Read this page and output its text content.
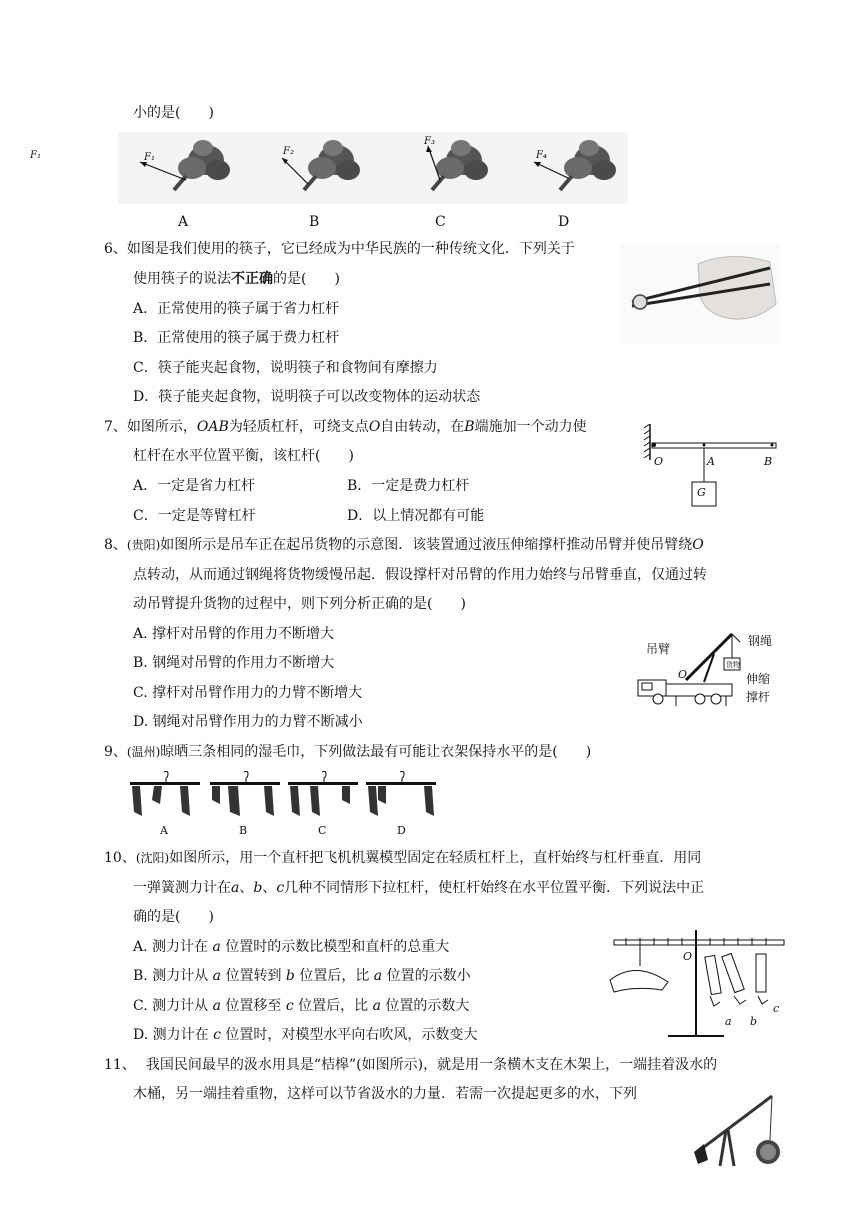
小的是(　　)
F₁	F₁
F₂
F₃
F₄
A	B	C	D
6、如图是我们使用的筷子，它已经成为中华民族的一种传统文化．下列关于
使用筷子的说法不正确的是(　　)
A．正常使用的筷子属于省力杠杆
B．正常使用的筷子属于费力杠杆
C．筷子能夹起食物，说明筷子和食物间有摩擦力
D．筷子能夹起食物，说明筷子可以改变物体的运动状态
7、如图所示，OAB为轻质杠杆，可绕支点O自由转动，在B端施加一个动力使
杠杆在水平位置平衡，该杠杆(　　)
A．一定是省力杠杆	B．一定是费力杠杆
C．一定是等臂杠杆	D．以上情况都有可能
O	A	B
G
8、(贵阳)如图所示是吊车正在起吊货物的示意图．该装置通过液压伸缩撑杆推动吊臂并使吊臂绕O
点转动，从而通过钢绳将货物缓慢吊起．假设撑杆对吊臂的作用力始终与吊臂垂直，仅通过转
动吊臂提升货物的过程中，则下列分析正确的是(　　)
A. 撑杆对吊臂的作用力不断增大
B. 钢绳对吊臂的作用力不断增大
C. 撑杆对吊臂作用力的力臂不断增大
D. 钢绳对吊臂作用力的力臂不断减小
吊臂
钢绳
货物
O	伸缩
撑杆
9、(温州)晾晒三条相同的湿毛巾，下列做法最有可能让衣架保持水平的是(　　)
A	B	C	D
10、(沈阳)如图所示，用一个直杆把飞机机翼模型固定在轻质杠杆上，直杆始终与杠杆垂直．用同
一弹簧测力计在a、b、c几种不同情形下拉杠杆，使杠杆始终在水平位置平衡．下列说法中正
确的是(　　)
A. 测力计在 a 位置时的示数比模型和直杆的总重大
B. 测力计从 a 位置转到 b 位置后，比 a 位置的示数小
C. 测力计从 a 位置移至 c 位置后，比 a 位置的示数大
D. 测力计在 c 位置时，对模型水平向右吹风，示数变大
O
a b
c
11、 我国民间最早的汲水用具是“桔槔”(如图所示)，就是用一条横木支在木架上，一端挂着汲水的
木桶，另一端挂着重物，这样可以节省汲水的力量．若需一次提起更多的水，下列
